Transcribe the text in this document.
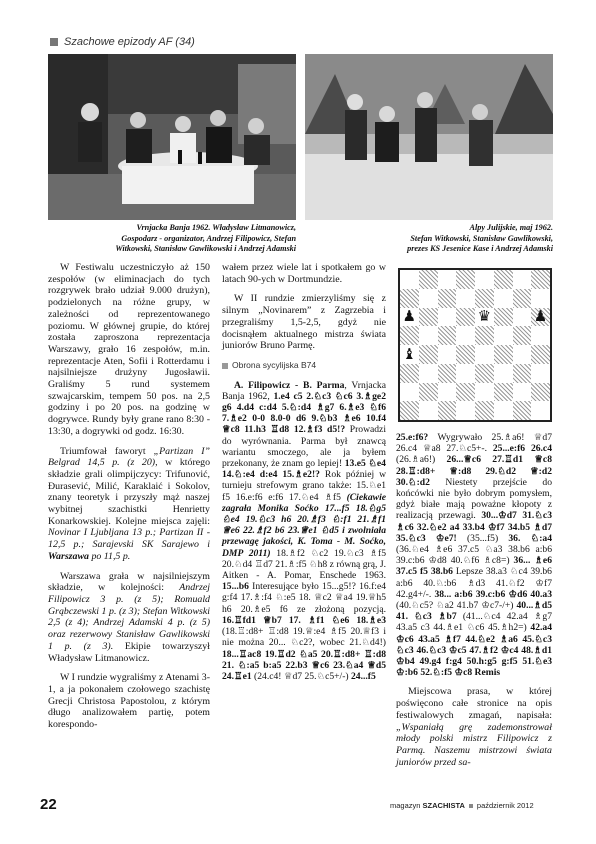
Szachowe epizody AF (34)
Vrnjacka Banja 1962. Władysław Litmanowicz,
Gospodarz - organizator, Andrzej Filipowicz, Stefan
Witkowski, Stanisław Gawlikowski i Andrzej Adamski
Alpy Julijskie, maj 1962.
Stefan Witkowski, Stanisław Gawlikowski,
prezes KS Jesenice Kase i Andrzej Adamski

W Festiwalu uczestniczyło aż 150 zespołów (w eliminacjach do tych rozgrywek brało udział 9.000 drużyn), podzielonych na różne grupy, w zależności od reprezentowanego poziomu. W głównej grupie, do której została zaproszona reprezentacja Warszawy, grało 16 zespołów, m.in. reprezentacje Aten, Sofii i Rotterdamu i najsilniejsze drużyny Jugosławii. Graliśmy 5 rund systemem szwajcarskim, tempem 50 pos. na 2,5 godziny i po 20 pos. na godzinę w dogrywce. Rundy były grane rano 8:30 - 13:30, a dogrywki od godz. 16:30.

Triumfował faworyt „Partizan I” Belgrad 14,5 p. (z 20), w którego składzie grali olimpijczycy: Trifunović, Đurasević, Milić, Karaklaić i Sokolov, znany teoretyk i przyszły mąż naszej wybitnej szachistki Henrietty Konarkowskiej. Kolejne miejsca zajęli: Novinar I Ljubljana 13 p.; Partizan II - 12,5 p.; Sarajevski SK Sarajewo i Warszawa po 11,5 p.

Warszawa grała w najsilniejszym składzie, w kolejności: Andrzej Filipowicz 3 p. (z 5); Romuald Grąbczewski 1 p. (z 3); Stefan Witkowski 2,5 (z 4); Andrzej Adamski 4 p. (z 5) oraz rezerwowy Stanisław Gawlikowski 1 p. (z 3). Ekipie towarzyszył Władysław Litmanowicz.

W I rundzie wygraliśmy z Atenami 3-1, a ja pokonałem czołowego szachistę Grecji Christosa Papostolou, z którym długo analizowałem partię, potem korespondo-

wałem przez wiele lat i spotkałem go w latach 90-ych w Dortmundzie.

W II rundzie zmierzyliśmy się z silnym „Novinarem” z Zagrzebia i przegraliśmy 1,5-2,5, gdyż nie docisnąłem aktualnego mistrza świata juniorów Bruno Parmę.

Obrona sycylijska B74

A. Filipowicz - B. Parma, Vrnjacka Banja 1962, 1.e4 c5 2.♘c3 ♘c6 3.♗ge2 g6 4.d4 c:d4 5.♘:d4 ♗g7 6.♗e3 ♘f6 7.♗e2 0-0 8.0-0 d6 9.♘b3 ♗e6 10.f4 ♕c8 11.h3 ♖d8 12.♗f3 d5!? Prowadzi do wyrównania. Parma był znawcą wariantu smoczego, ale ja byłem przekonany, że znam go lepiej! 13.e5 ♘e4 14.♘:e4 d:e4 15.♗e2!? Rok później w turnieju strefowym grano także: 15.♘e1 f5 16.e:f6 e:f6 17.♘e4 ♗f5 (Ciekawie zagrała Monika Soćko 17...f5 18.♘g5 ♘e4 19.♘c3 h6 20.♗f3 ♘:f1 21.♗f1 ♕e6 22.♗f2 b6 23.♕e1 ♘d5 i zwolniała przewagę jakości, K. Toma - M. Soćko, DMP 2011) 18.♗f2 ♘c2 19.♘c3 ♗f5 20.♘d4 ♖d7 21.♗:f5 ♘h8 z równą grą, J. Aitken - A. Pomar, Enschede 1963. 15...b6 Interesujące było 15...g5!? 16.f:e4 g:f4 17.♗:f4 ♘:e5 18. ♕c2 ♕a4 19.♕h5 h6 20.♗e5 f6 ze złożoną pozycją. 16.♖fd1 ♕b7 17. ♗f1 ♘e6 18.♗e3 (18.♖:d8+ ♖:d8 19.♕:e4 ♗f5 20.♕f3 i nie można 20... ♘c2?, wobec 21.♘d4!) 18...♖ac8 19.♖d2 ♘a5 20.♖:d8+ ♖:d8 21. ♘:a5 b:a5 22.b3 ♕c6 23.♘a4 ♕d5 24.♖e1 (24.c4! ♕d7 25.♘c5+/-) 24...f5

♟	♛	♟
♝

25.e:f6? Wygrywało 25.♗a6! ♕d7 26.c4 ♕a8 27.♘c5+-. 25...e:f6 26.c4 (26.♗a6!) 26...♕c6 27.♖d1 ♕c8 28.♖:d8+ ♕:d8 29.♘d2 ♕:d2 30.♘:d2 Niestety przejście do końcówki nie było dobrym pomysłem, gdyż białe mają poważne kłopoty z realizacją przewagi. 30...♔d7 31.♘c3 ♗c6 32.♘e2 a4 33.b4 ♔f7 34.b5 ♗d7 35.♘c3 ♔e7! (35...f5) 36. ♘:a4 (36.♘e4 ♗e6 37.c5 ♘a3 38.b6 a:b6 39.c:b6 ♔d8 40.♘f6 ♗c8=) 36... ♗e6 37.c5 f5 38.b6 Lepsze 38.a3 ♘c4 39.b6 a:b6 40.♘:b6 ♗d3 41.♘f2 ♔f7 42.g4+/-. 38... a:b6 39.c:b6 ♔d6 40.a3 (40.♘c5? ♘a2 41.b7 ♔c7-/+) 40...♗d5 41. ♘c3 ♗b7 (41...♘c4 42.a4 ♗g7 43.a5 c3 44.♗e1 ♘c6 45.♗h2=) 42.a4 ♔c6 43.a5 ♗f7 44.♘e2 ♗a6 45.♘c3 ♘c3 46.♘c3 ♔c5 47.♗f2 ♔c4 48.♗d1 ♔b4 49.g4 f:g4 50.h:g5 g:f5 51.♘e3 ♔:b6 52.♘:f5 ♔c8 Remis

Miejscowa prasa, w której poświęcono całe stronice na opis festiwalowych zmagań, napisała: „Wspaniałą grę zademonstrował młody polski mistrz Filipowicz z Parmą. Naszemu mistrzowi świata juniorów przed sa-

22	magazyn SZACHISTA październik 2012
